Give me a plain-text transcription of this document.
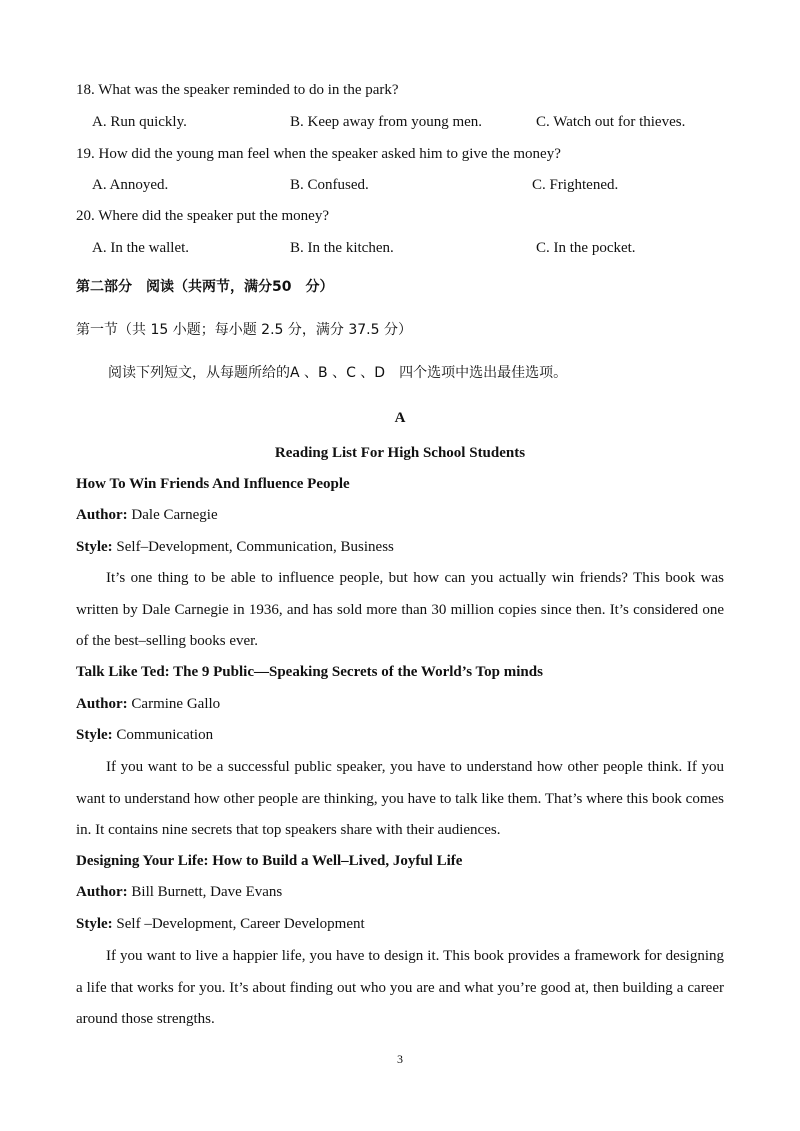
18. What was the speaker reminded to do in the park?
A. Run quickly.	B. Keep away from young men.	C. Watch out for thieves.
19. How did the young man feel when the speaker asked him to give the money?
A. Annoyed.	B. Confused.	C. Frightened.
20. Where did the speaker put the money?
A. In the wallet.	B. In the kitchen.	C. In the pocket.
第二部分　阅读（共两节，满分50　分）
第一节（共 15 小题；每小题 2.5 分，满分 37.5 分）
阅读下列短文，从每题所给的A 、B 、C 、D　四个选项中选出最佳选项。
A
Reading List For High School Students
How To Win Friends And Influence People
Author: Dale Carnegie
Style: Self–Development, Communication, Business
It’s one thing to be able to influence people, but how can you actually win friends? This book was written by Dale Carnegie in 1936, and has sold more than 30 million copies since then. It’s considered one of the best–selling books ever.
Talk Like Ted: The 9 Public—Speaking Secrets of the World’s Top minds
Author: Carmine Gallo
Style: Communication
If you want to be a successful public speaker, you have to understand how other people think. If you want to understand how other people are thinking, you have to talk like them. That’s where this book comes in. It contains nine secrets that top speakers share with their audiences.
Designing Your Life: How to Build a Well–Lived, Joyful Life
Author: Bill Burnett, Dave Evans
Style: Self –Development, Career Development
If you want to live a happier life, you have to design it. This book provides a framework for designing a life that works for you. It’s about finding out who you are and what you’re good at, then building a career around those strengths.
3
